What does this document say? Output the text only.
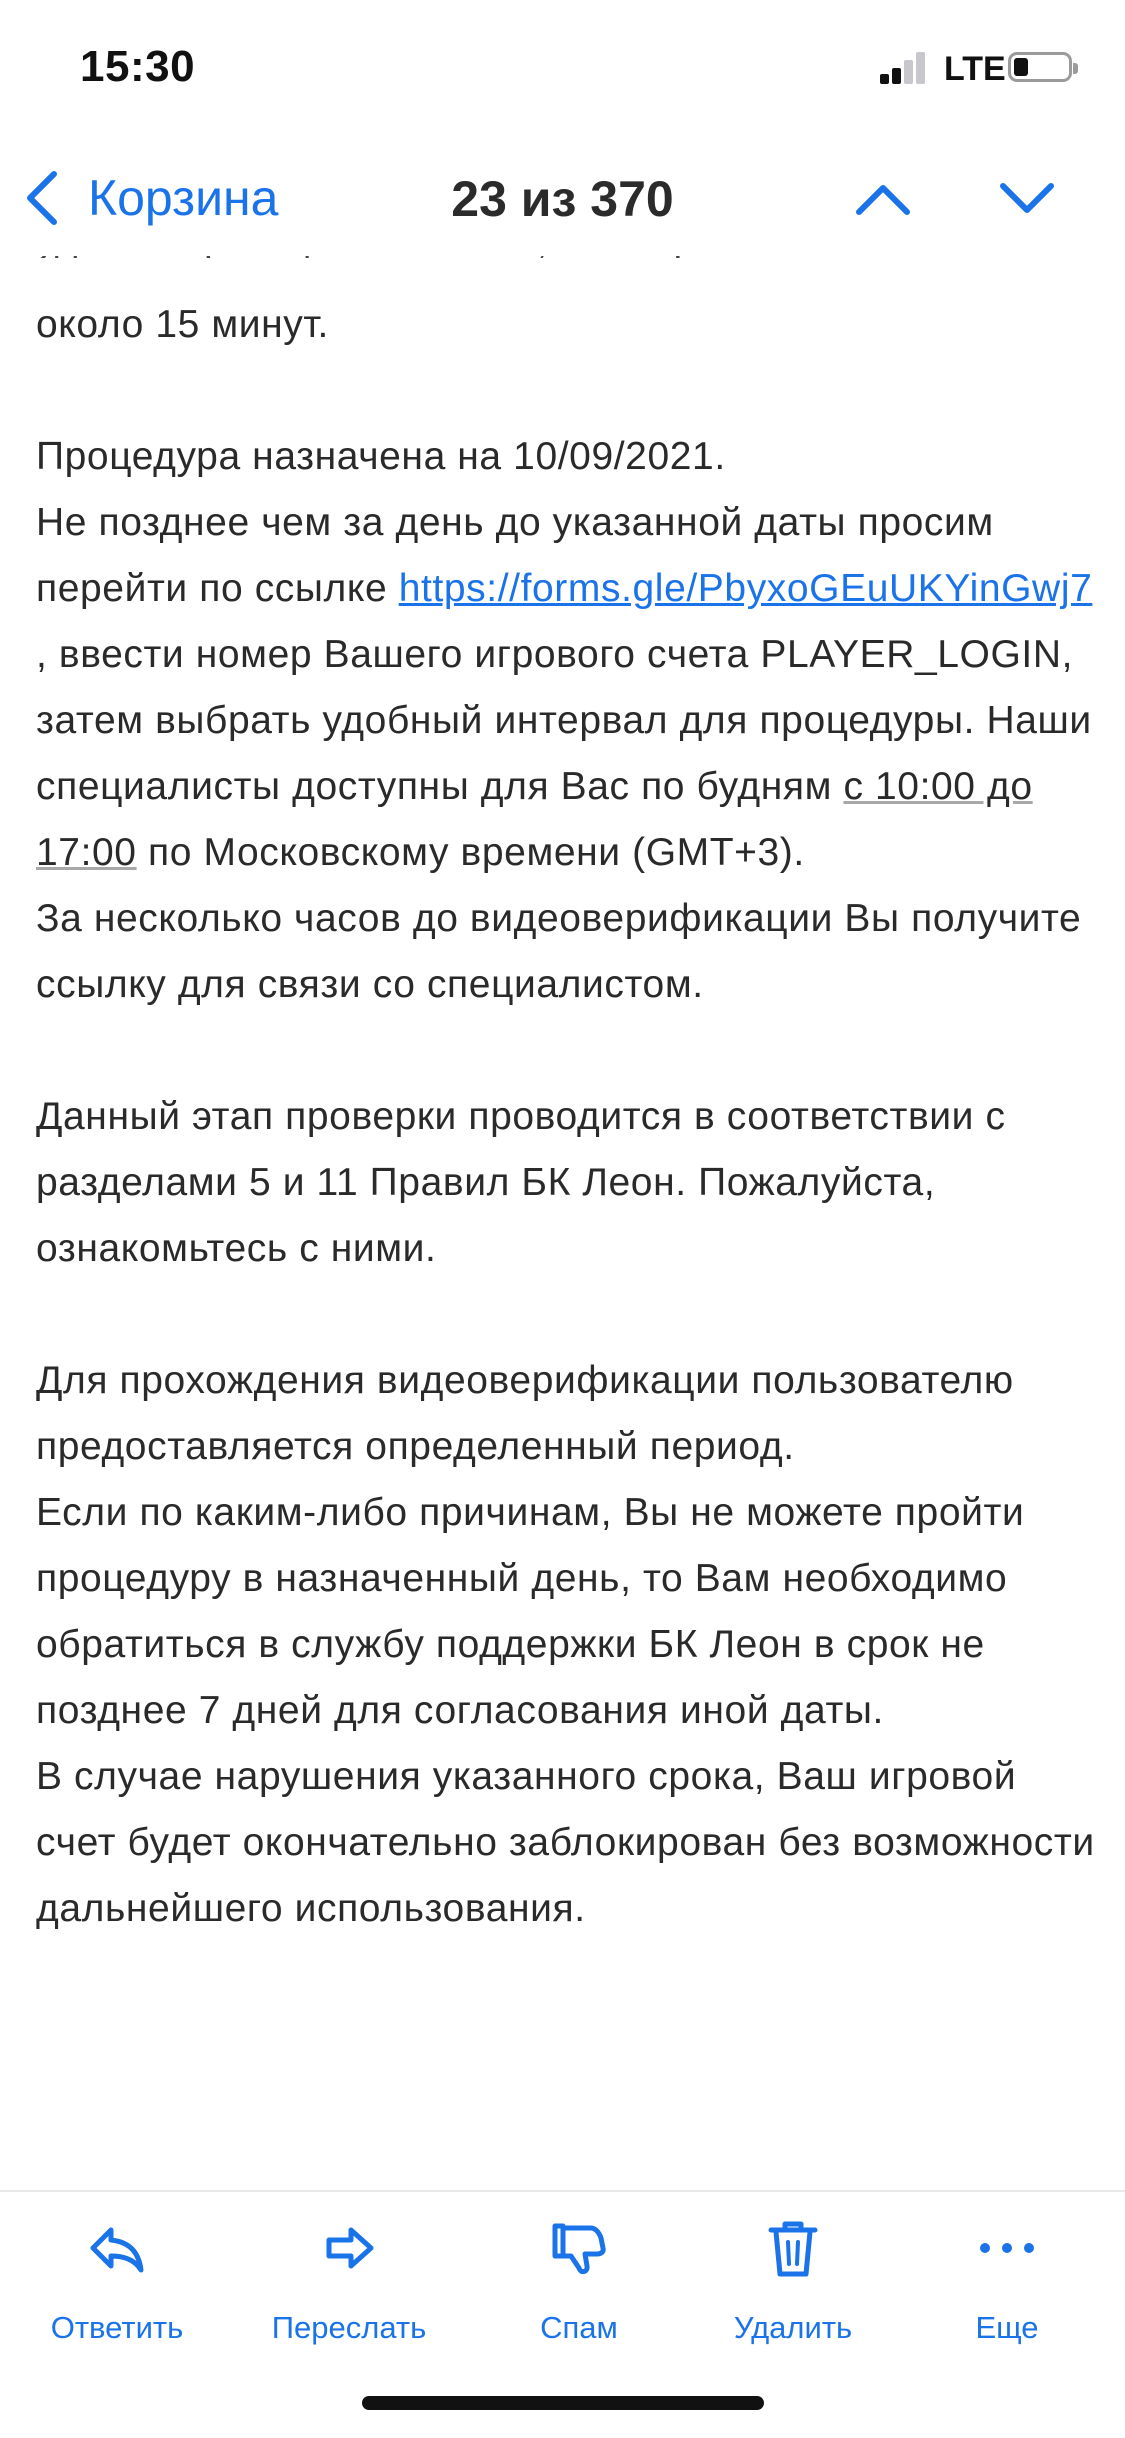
15:30	LTE
23 из 370
Корзина

около 15 минут.

Процедура назначена на 10/09/2021.

Не позднее чем за день до указанной даты просим перейти по ссылке https://forms.gle/PbyxoGEuUKYinGwj7 , ввести номер Вашего игрового счета PLAYER_LOGIN, затем выбрать удобный интервал для процедуры. Наши специалисты доступны для Вас по будням с 10:00 до 17:00 по Московскому времени (GMT+3).

За несколько часов до видеоверификации Вы получите ссылку для связи со специалистом.

Данный этап проверки проводится в соответствии с разделами 5 и 11 Правил БК Леон. Пожалуйста, ознакомьтесь с ними.

Для прохождения видеоверификации пользователю предоставляется определенный период.

Если по каким-либо причинам, Вы не можете пройти процедуру в назначенный день, то Вам необходимо обратиться в службу поддержки БК Леон в срок не позднее 7 дней для согласования иной даты.

В случае нарушения указанного срока, Ваш игровой счет будет окончательно заблокирован без возможности дальнейшего использования.

Ответить	Переслать	Спам	Удалить	Еще
